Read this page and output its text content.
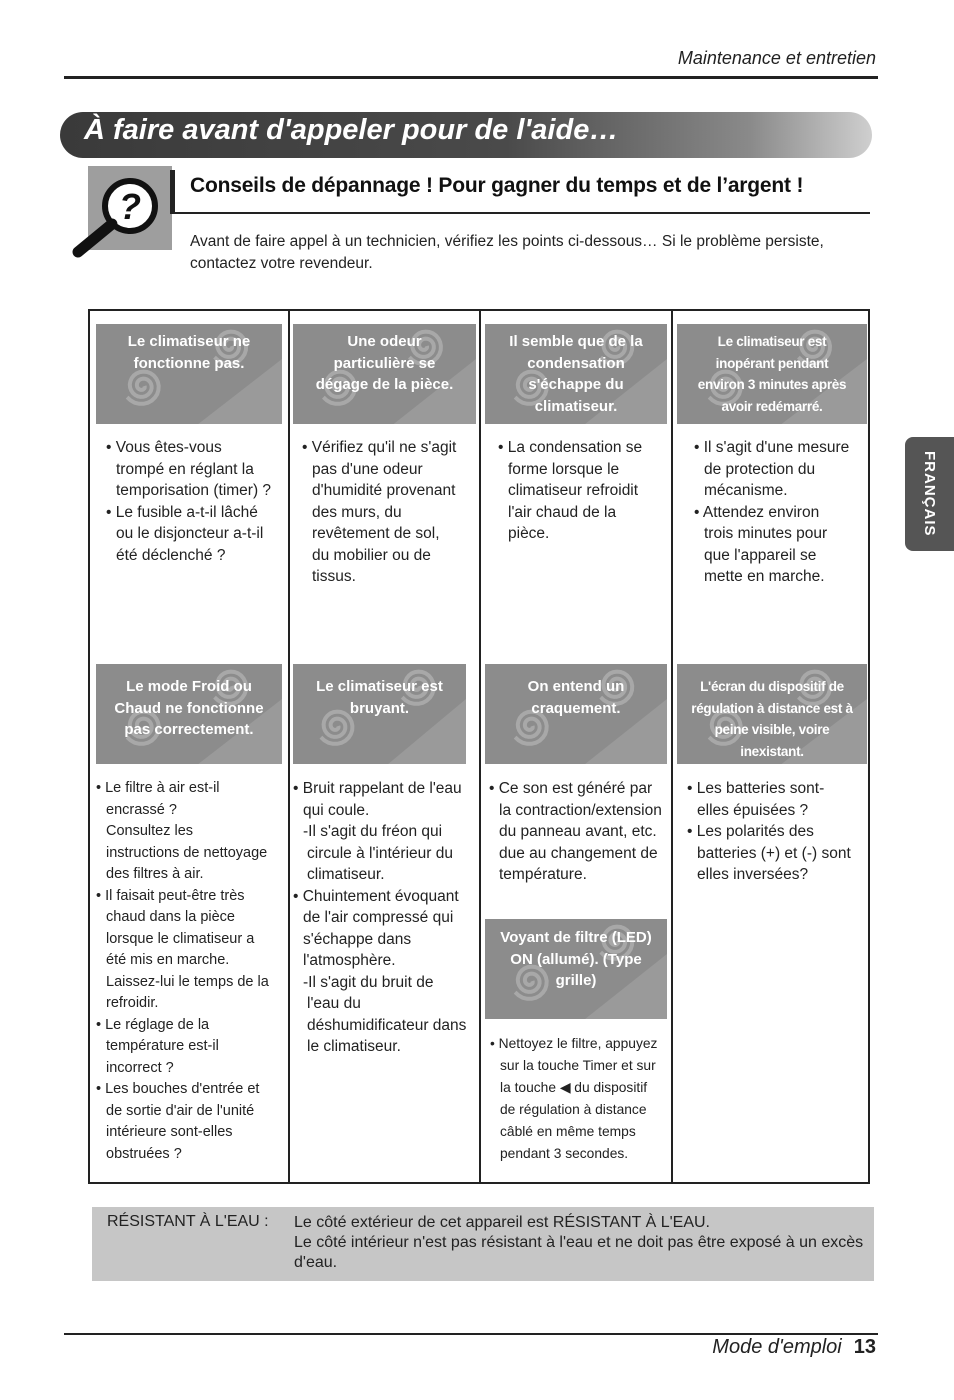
Maintenance et entretien
À faire avant d'appeler pour de l'aide…
?
Conseils de dépannage ! Pour gagner du temps et de l’argent !
Avant de faire appel à un technicien, vérifiez les points ci-dessous… Si le problème persiste, contactez votre revendeur.
Le climatiseur ne
fonctionne pas.
Une odeur
particulière se
dégage de la pièce.
Il semble que de la
condensation
s'échappe du
climatiseur.
Le climatiseur est
inopérant pendant
environ 3 minutes après
avoir redémarré.
• Vous êtes-vous
trompé en réglant la
temporisation (timer) ?
• Le fusible a-t-il lâché
ou le disjoncteur a-t-il
été déclenché ?
• Vérifiez qu'il ne s'agit
pas d'une odeur
d'humidité provenant
des murs, du
revêtement de sol,
du mobilier ou de
tissus.
• La condensation se
forme lorsque le
climatiseur refroidit
l'air chaud de la
pièce.
• Il s'agit d'une mesure
de protection du
mécanisme.
• Attendez environ
trois minutes pour
que l'appareil se
mette en marche.
Le mode Froid ou
Chaud ne fonctionne
pas correctement.
Le climatiseur est
bruyant.
On entend un
craquement.
L'écran du dispositif de
régulation à distance est à
peine visible, voire inexistant.
• Le filtre à air est-il
encrassé ?
Consultez les
instructions de nettoyage
des filtres à air.
• Il faisait peut-être très
chaud dans la pièce
lorsque le climatiseur a
été mis en marche.
Laissez-lui le temps de la
refroidir.
• Le réglage de la
température est-il
incorrect ?
• Les bouches d'entrée et
de sortie d'air de l'unité
intérieure sont-elles
obstruées ?
• Bruit rappelant de l'eau
qui coule.
-Il s'agit du fréon qui
circule à l'intérieur du
climatiseur.
• Chuintement évoquant
de l'air compressé qui
s'échappe dans
l'atmosphère.
-Il s'agit du bruit de
l'eau du
déshumidificateur dans
le climatiseur.
• Ce son est généré par
la contraction/extension
du panneau avant, etc.
due au changement de
température.
• Les batteries sont-
elles épuisées ?
• Les polarités des
batteries (+) et (-) sont
elles inversées?
Voyant de filtre (LED)
ON (allumé). (Type
grille)
• Nettoyez le filtre, appuyez
sur la touche Timer et sur
la touche ◀ du dispositif
de régulation à distance
câblé en même temps
pendant 3 secondes.
RÉSISTANT À L'EAU : Le côté extérieur de cet appareil est RÉSISTANT À L'EAU.
Le côté intérieur n'est pas résistant à l'eau et ne doit pas être exposé à un excès d'eau.
FRANÇAIS
Mode d'emploi 13
